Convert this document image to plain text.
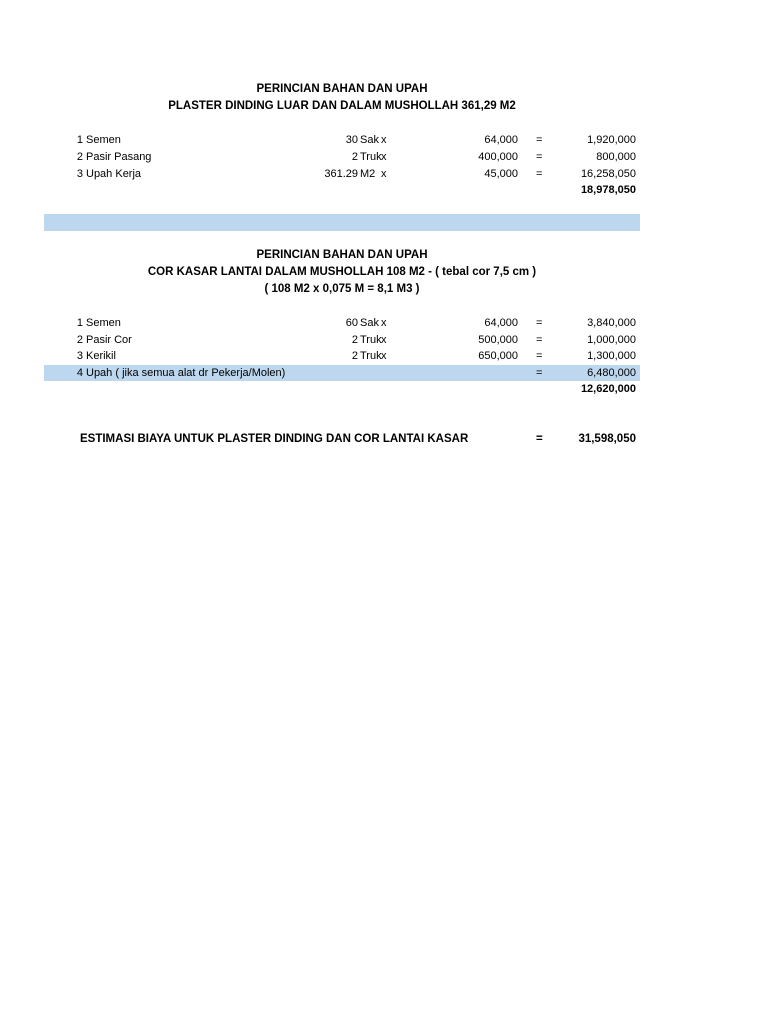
PERINCIAN BAHAN DAN UPAH
PLASTER DINDING LUAR DAN DALAM MUSHOLLAH 361,29 M2
1 Semen	30 Sak x	64,000 =	1,920,000
2 Pasir Pasang	2 Truk x	400,000 =	800,000
3 Upah Kerja	361.29 M2 x	45,000 =	16,258,050
18,978,050
PERINCIAN BAHAN DAN UPAH
COR KASAR LANTAI DALAM MUSHOLLAH 108 M2 - ( tebal cor 7,5 cm )
( 108 M2 x 0,075 M = 8,1 M3 )
1 Semen	60 Sak x	64,000 =	3,840,000
2 Pasir Cor	2 Truk x	500,000 =	1,000,000
3 Kerikil	2 Truk x	650,000 =	1,300,000
4 Upah ( jika semua alat dr Pekerja/Molen)	=	6,480,000
12,620,000
ESTIMASI BIAYA UNTUK PLASTER DINDING DAN COR LANTAI KASAR	=	31,598,050
